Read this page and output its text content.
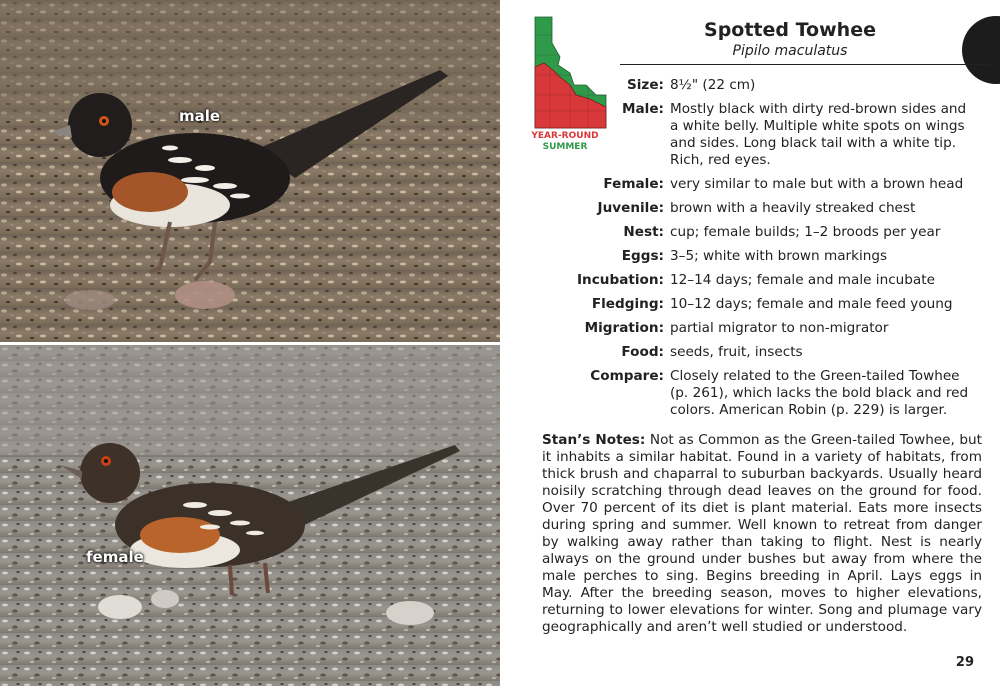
male
female
YEAR-ROUND
SUMMER
Spotted Towhee
Pipilo maculatus
Size: 8½" (22 cm)
Male: Mostly black with dirty red-brown sides and a white belly. Multiple white spots on wings and sides. Long black tail with a white tip. Rich, red eyes.
Female: very similar to male but with a brown head
Juvenile: brown with a heavily streaked chest
Nest: cup; female builds; 1–2 broods per year
Eggs: 3–5; white with brown markings
Incubation: 12–14 days; female and male incubate
Fledging: 10–12 days; female and male feed young
Migration: partial migrator to non-migrator
Food: seeds, fruit, insects
Compare: Closely related to the Green-tailed Towhee (p. 261), which lacks the bold black and red colors. American Robin (p. 229) is larger.
Stan’s Notes: Not as Common as the Green-tailed Towhee, but it inhabits a similar habitat. Found in a variety of habitats, from thick brush and chaparral to suburban backyards. Usually heard noisily scratching through dead leaves on the ground for food. Over 70 percent of its diet is plant material. Eats more insects during spring and summer. Well known to retreat from danger by walking away rather than taking to flight. Nest is nearly always on the ground under bushes but away from where the male perches to sing. Begins breeding in April. Lays eggs in May. After the breeding season, moves to higher elevations, returning to lower elevations for winter. Song and plumage vary geographically and aren’t well studied or understood.
29
